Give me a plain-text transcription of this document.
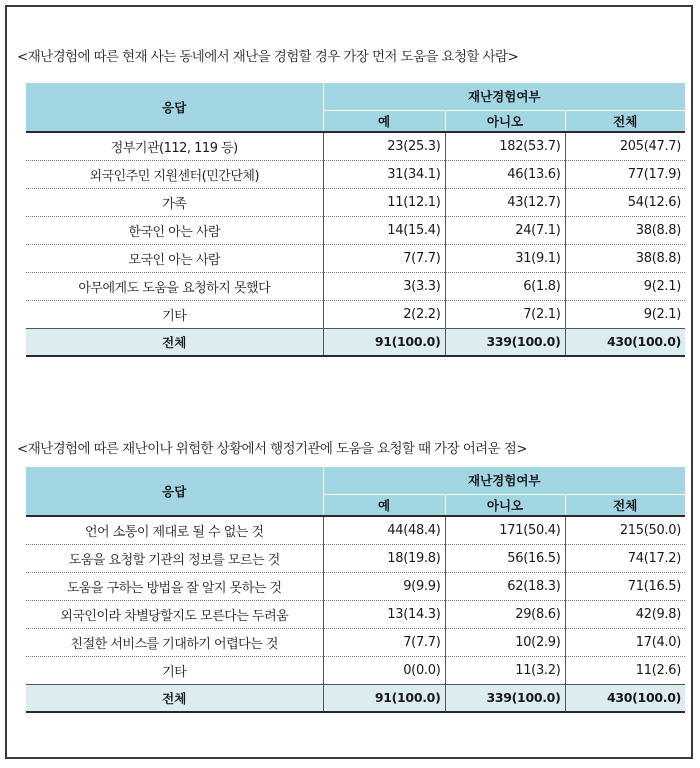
<재난경험에 따른 현재 사는 동네에서 재난을 경험할 경우 가장 먼저 도움을 요청할 사람>
응답	재난경험여부		
	예	아니오	전체
정부기관(112, 119 등)	23(25.3)	182(53.7)	205(47.7)
외국인주민 지원센터(민간단체)	31(34.1)	46(13.6)	77(17.9)
가족	11(12.1)	43(12.7)	54(12.6)
한국인 아는 사람	14(15.4)	24(7.1)	38(8.8)
모국인 아는 사람	7(7.7)	31(9.1)	38(8.8)
아무에게도 도움을 요청하지 못했다	3(3.3)	6(1.8)	9(2.1)
기타	2(2.2)	7(2.1)	9(2.1)
전체	91(100.0)	339(100.0)	430(100.0)
<재난경험에 따른 재난이나 위험한 상황에서 행정기관에 도움을 요청할 때 가장 어려운 점>
응답	재난경험여부		
	예	아니오	전체
언어 소통이 제대로 될 수 없는 것	44(48.4)	171(50.4)	215(50.0)
도움을 요청할 기관의 정보를 모르는 것	18(19.8)	56(16.5)	74(17.2)
도움을 구하는 방법을 잘 알지 못하는 것	9(9.9)	62(18.3)	71(16.5)
외국인이라 차별당할지도 모른다는 두려움	13(14.3)	29(8.6)	42(9.8)
친절한 서비스를 기대하기 어렵다는 것	7(7.7)	10(2.9)	17(4.0)
기타	0(0.0)	11(3.2)	11(2.6)
전체	91(100.0)	339(100.0)	430(100.0)
